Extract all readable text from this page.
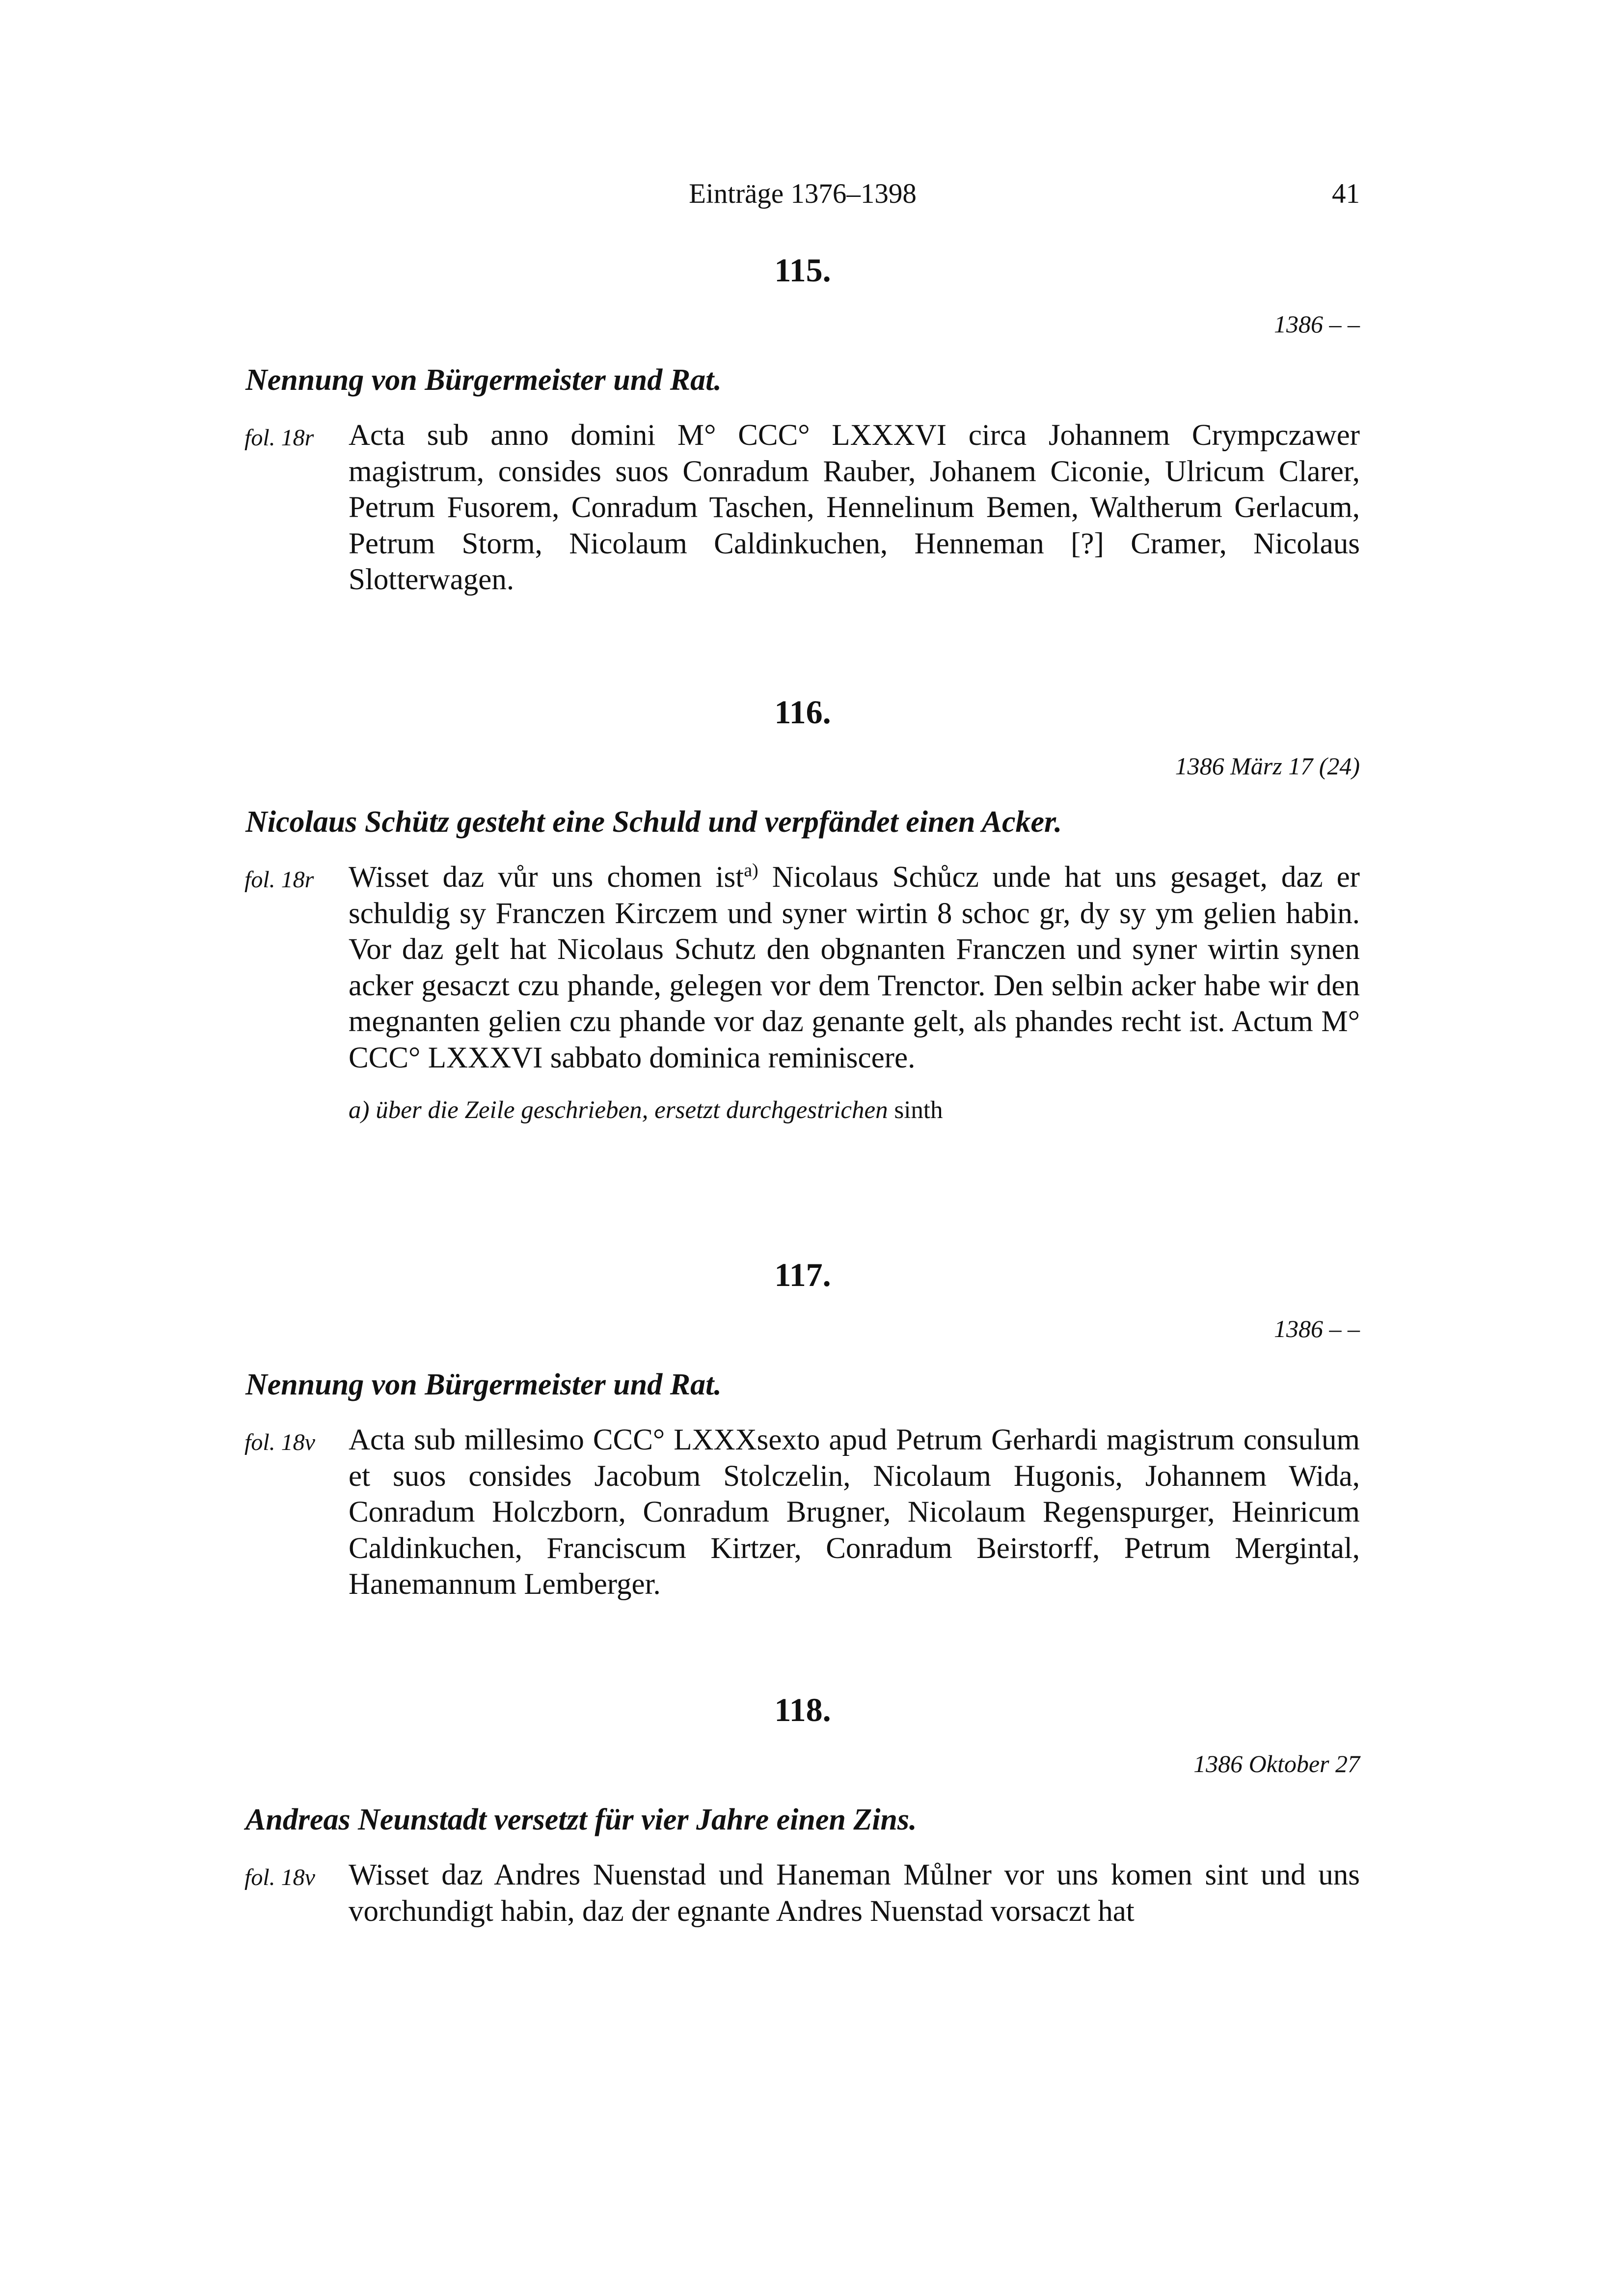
Einträge 1376–1398	41
115.
1386 – –
Nennung von Bürgermeister und Rat.
fol. 18r Acta sub anno domini M° CCC° LXXXVI circa Johannem Crympczawer magistrum, consides suos Conradum Rauber, Johanem Ciconie, Ulricum Clarer, Petrum Fusorem, Conradum Taschen, Hennelinum Bemen, Waltherum Gerlacum, Petrum Storm, Nicolaum Caldinkuchen, Henneman [?] Cramer, Nicolaus Slotterwagen.
116.
1386 März 17 (24)
Nicolaus Schütz gesteht eine Schuld und verpfändet einen Acker.
fol. 18r Wisset daz vůr uns chomen ist$^{a)}$ Nicolaus Schůcz unde hat uns gesaget, daz er schuldig sy Franczen Kirczem und syner wirtin 8 schoc gr, dy sy ym gelien habin. Vor daz gelt hat Nicolaus Schutz den obgnanten Franczen und syner wirtin synen acker gesaczt czu phande, gelegen vor dem Trenctor. Den selbin acker habe wir den megnanten gelien czu phande vor daz genante gelt, als phandes recht ist. Actum M° CCC° LXXXVI sabbato dominica reminiscere.
a) über die Zeile geschrieben, ersetzt durchgestrichen sinth
117.
1386 – –
Nennung von Bürgermeister und Rat.
fol. 18v Acta sub millesimo CCC° LXXXsexto apud Petrum Gerhardi magistrum consulum et suos consides Jacobum Stolczelin, Nicolaum Hugonis, Johannem Wida, Conradum Holczborn, Conradum Brugner, Nicolaum Regenspurger, Heinricum Caldinkuchen, Franciscum Kirtzer, Conradum Beirstorff, Petrum Mergintal, Hanemannum Lemberger.
118.
1386 Oktober 27
Andreas Neunstadt versetzt für vier Jahre einen Zins.
fol. 18v Wisset daz Andres Nuenstad und Haneman Můlner vor uns komen sint und uns vorchundigt habin, daz der egnante Andres Nuenstad vorsaczt hat
